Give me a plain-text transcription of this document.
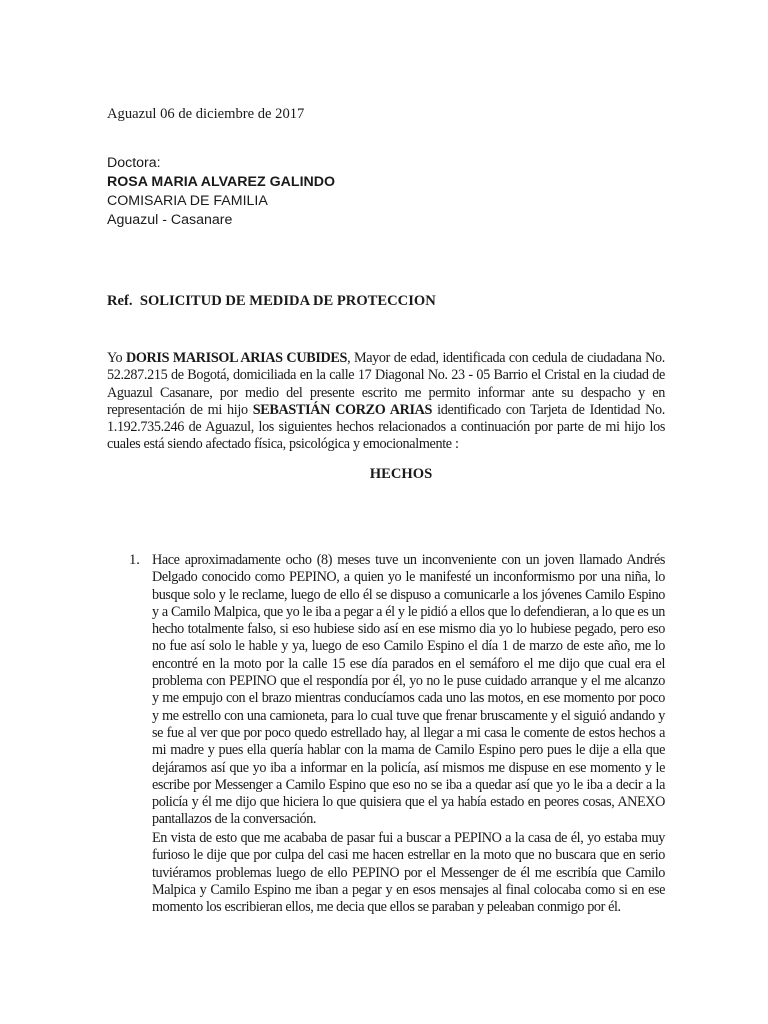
Aguazul 06 de diciembre de 2017
Doctora:
ROSA MARIA ALVAREZ GALINDO
COMISARIA DE FAMILIA
Aguazul - Casanare
Ref.  SOLICITUD DE MEDIDA DE PROTECCION

Yo DORIS MARISOL ARIAS CUBIDES, Mayor de edad, identificada con cedula de ciudadana No. 52.287.215 de Bogotá, domiciliada en la calle 17 Diagonal No. 23 - 05 Barrio el Cristal en la ciudad de Aguazul Casanare, por medio del presente escrito me permito informar ante su despacho y en representación de mi hijo SEBASTIÁN CORZO ARIAS identificado con Tarjeta de Identidad No. 1.192.735.246 de Aguazul, los siguientes hechos relacionados a continuación por parte de mi hijo los cuales está siendo afectado física, psicológica y emocionalmente :

HECHOS
1. Hace aproximadamente ocho (8) meses tuve un inconveniente con un joven llamado Andrés Delgado conocido como PEPINO, a quien yo le manifesté un inconformismo por una niña, lo busque solo y le reclame, luego de ello él se dispuso a comunicarle a los jóvenes Camilo Espino y a Camilo Malpica, que yo le iba a pegar a él y le pidió a ellos que lo defendieran, a lo que es un hecho totalmente falso, si eso hubiese sido así en ese mismo dia yo lo hubiese pegado, pero eso no fue así solo le hable y ya, luego de eso Camilo Espino el día 1 de marzo de este año, me lo encontré en la moto por la calle 15 ese día parados en el semáforo el me dijo que cual era el problema con PEPINO que el respondía por él, yo no le puse cuidado arranque y el me alcanzo y me empujo con el brazo mientras conducíamos cada uno las motos, en ese momento por poco y me estrello con una camioneta, para lo cual tuve que frenar bruscamente y el siguió andando y se fue al ver que por poco quedo estrellado hay, al llegar a mi casa le comente de estos hechos a mi madre y pues ella quería hablar con la mama de Camilo Espino pero pues le dije a ella que dejáramos así que yo iba a informar en la policía, así mismos me dispuse en ese momento y le escribe por Messenger a Camilo Espino que eso no se iba a quedar así que yo le iba a decir a la policía y él me dijo que hiciera lo que quisiera que el ya había estado en peores cosas, ANEXO pantallazos de la conversación.

En vista de esto que me acababa de pasar fui a buscar a PEPINO a la casa de él, yo estaba muy furioso le dije que por culpa del casi me hacen estrellar en la moto que no buscara que en serio tuviéramos problemas luego de ello PEPINO por el Messenger de él me escribía que Camilo Malpica y Camilo Espino me iban a pegar y en esos mensajes al final colocaba como si en ese momento los escribieran ellos, me decia que ellos se paraban y peleaban conmigo por él.
